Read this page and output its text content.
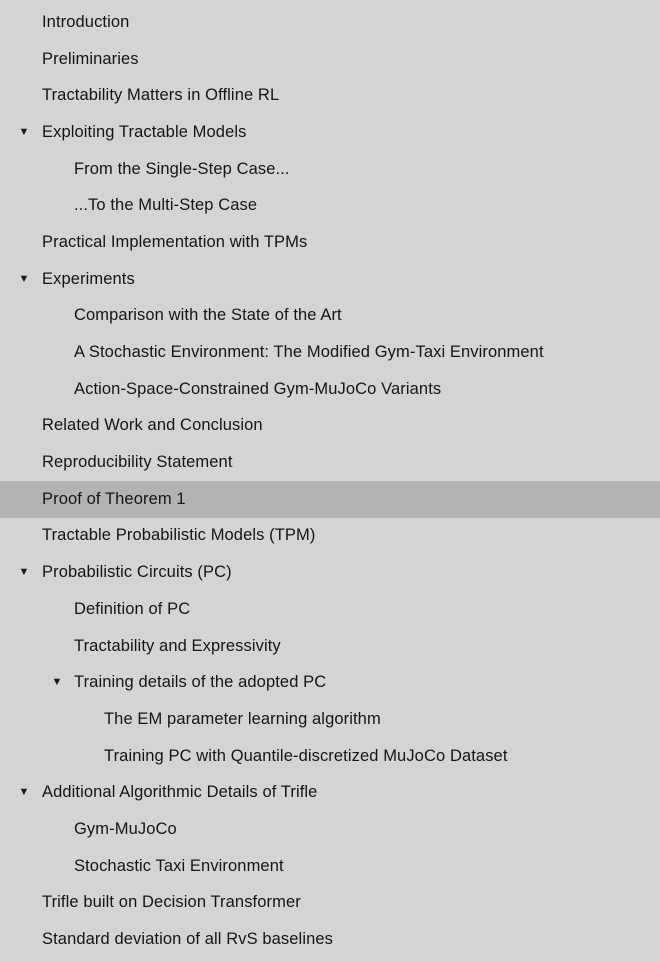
Introduction
Preliminaries
Tractability Matters in Offline RL
▼ Exploiting Tractable Models
From the Single-Step Case...
...To the Multi-Step Case
Practical Implementation with TPMs
▼ Experiments
Comparison with the State of the Art
A Stochastic Environment: The Modified Gym-Taxi Environment
Action-Space-Constrained Gym-MuJoCo Variants
Related Work and Conclusion
Reproducibility Statement
Proof of Theorem 1
Tractable Probabilistic Models (TPM)
▼ Probabilistic Circuits (PC)
Definition of PC
Tractability and Expressivity
▼ Training details of the adopted PC
The EM parameter learning algorithm
Training PC with Quantile-discretized MuJoCo Dataset
▼ Additional Algorithmic Details of Trifle
Gym-MuJoCo
Stochastic Taxi Environment
Trifle built on Decision Transformer
Standard deviation of all RvS baselines
